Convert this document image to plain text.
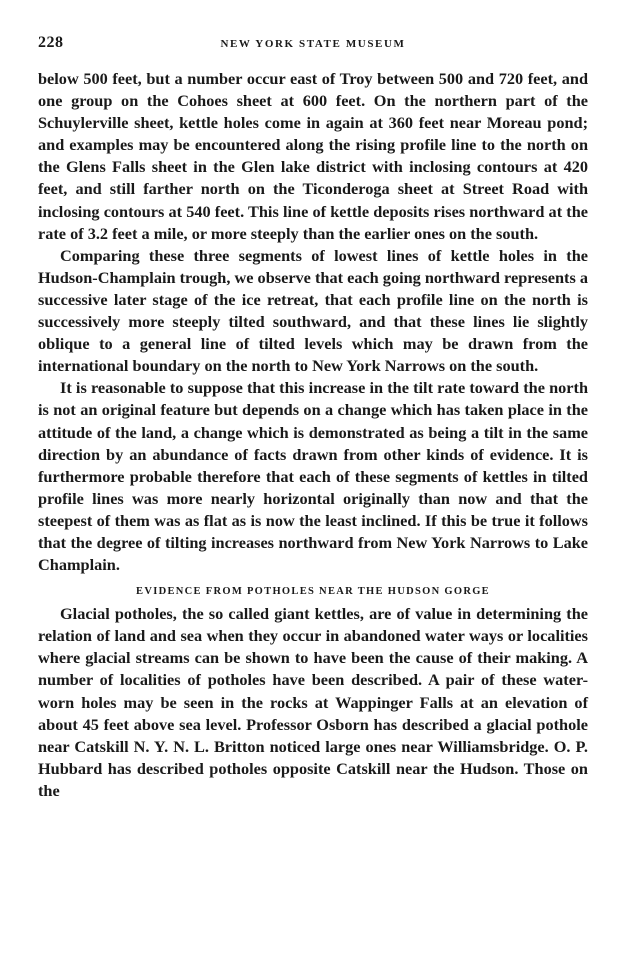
228	NEW YORK STATE MUSEUM

below 500 feet, but a number occur east of Troy between 500 and 720 feet, and one group on the Cohoes sheet at 600 feet. On the northern part of the Schuylerville sheet, kettle holes come in again at 360 feet near Moreau pond; and examples may be encountered along the rising profile line to the north on the Glens Falls sheet in the Glen lake district with inclosing contours at 420 feet, and still farther north on the Ticonderoga sheet at Street Road with inclosing contours at 540 feet. This line of kettle deposits rises northward at the rate of 3.2 feet a mile, or more steeply than the earlier ones on the south.

Comparing these three segments of lowest lines of kettle holes in the Hudson-Champlain trough, we observe that each going northward represents a successive later stage of the ice retreat, that each profile line on the north is successively more steeply tilted southward, and that these lines lie slightly oblique to a general line of tilted levels which may be drawn from the international boundary on the north to New York Narrows on the south.

It is reasonable to suppose that this increase in the tilt rate toward the north is not an original feature but depends on a change which has taken place in the attitude of the land, a change which is demonstrated as being a tilt in the same direction by an abundance of facts drawn from other kinds of evidence. It is furthermore probable therefore that each of these segments of kettles in tilted profile lines was more nearly horizontal originally than now and that the steepest of them was as flat as is now the least inclined. If this be true it follows that the degree of tilting increases northward from New York Narrows to Lake Champlain.

EVIDENCE FROM POTHOLES NEAR THE HUDSON GORGE

Glacial potholes, the so called giant kettles, are of value in determining the relation of land and sea when they occur in abandoned water ways or localities where glacial streams can be shown to have been the cause of their making. A number of localities of potholes have been described. A pair of these water-worn holes may be seen in the rocks at Wappinger Falls at an elevation of about 45 feet above sea level. Professor Osborn has described a glacial pothole near Catskill N. Y. N. L. Britton noticed large ones near Williamsbridge. O. P. Hubbard has described potholes opposite Catskill near the Hudson. Those on the
